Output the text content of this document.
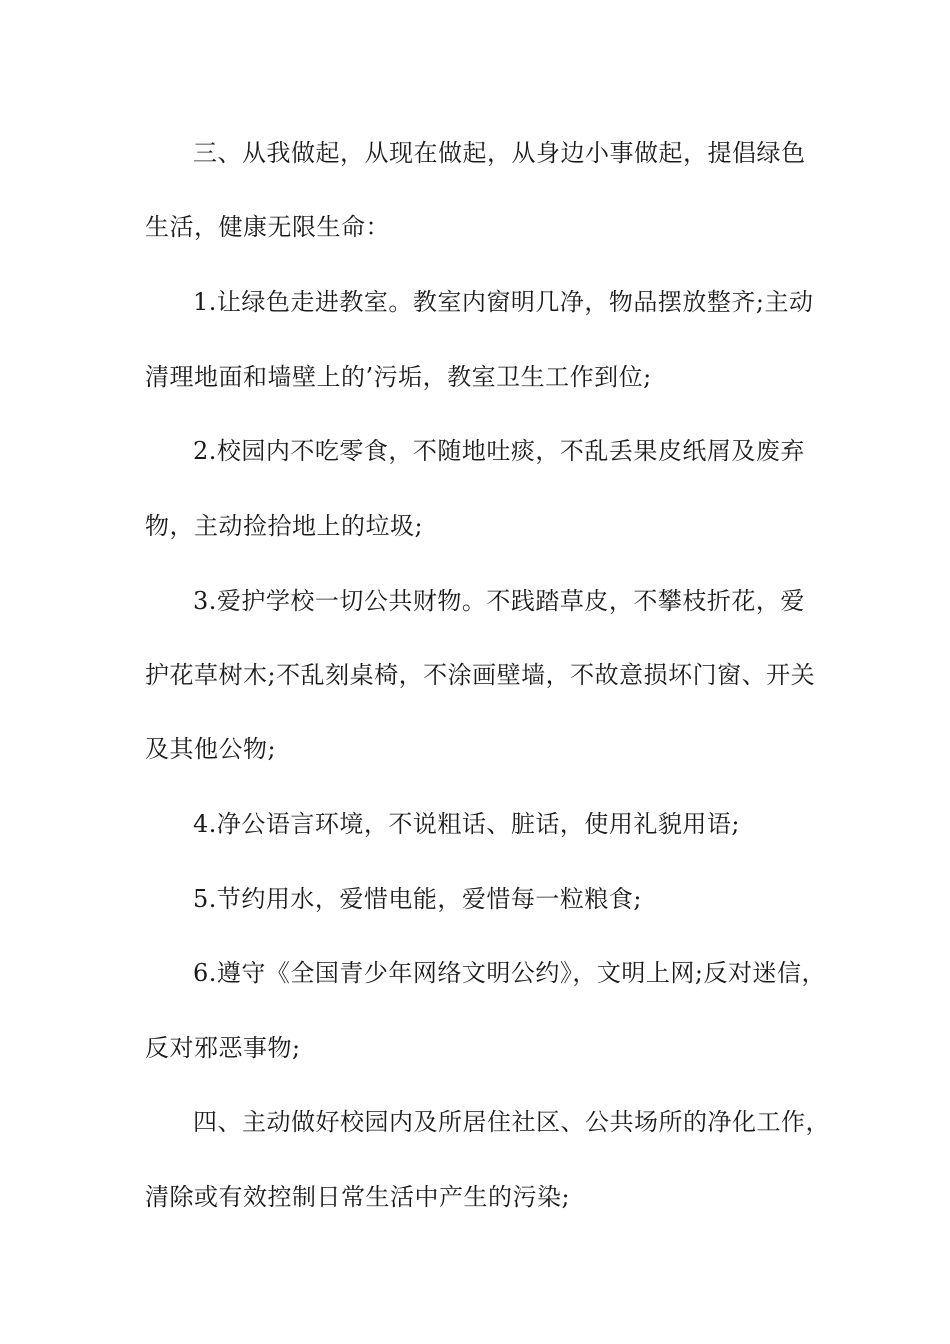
三、从我做起，从现在做起，从身边小事做起，提倡绿色
生活，健康无限生命：
1.让绿色走进教室。教室内窗明几净，物品摆放整齐;主动
清理地面和墙壁上的’污垢，教室卫生工作到位;
2.校园内不吃零食，不随地吐痰，不乱丢果皮纸屑及废弃
物，主动捡拾地上的垃圾;
3.爱护学校一切公共财物。不践踏草皮，不攀枝折花，爱
护花草树木;不乱刻桌椅，不涂画壁墙，不故意损坏门窗、开关
及其他公物;
4.净公语言环境，不说粗话、脏话，使用礼貌用语;
5.节约用水，爱惜电能，爱惜每一粒粮食;
6.遵守《全国青少年网络文明公约》，文明上网;反对迷信，
反对邪恶事物;
四、主动做好校园内及所居住社区、公共场所的净化工作，
清除或有效控制日常生活中产生的污染;
